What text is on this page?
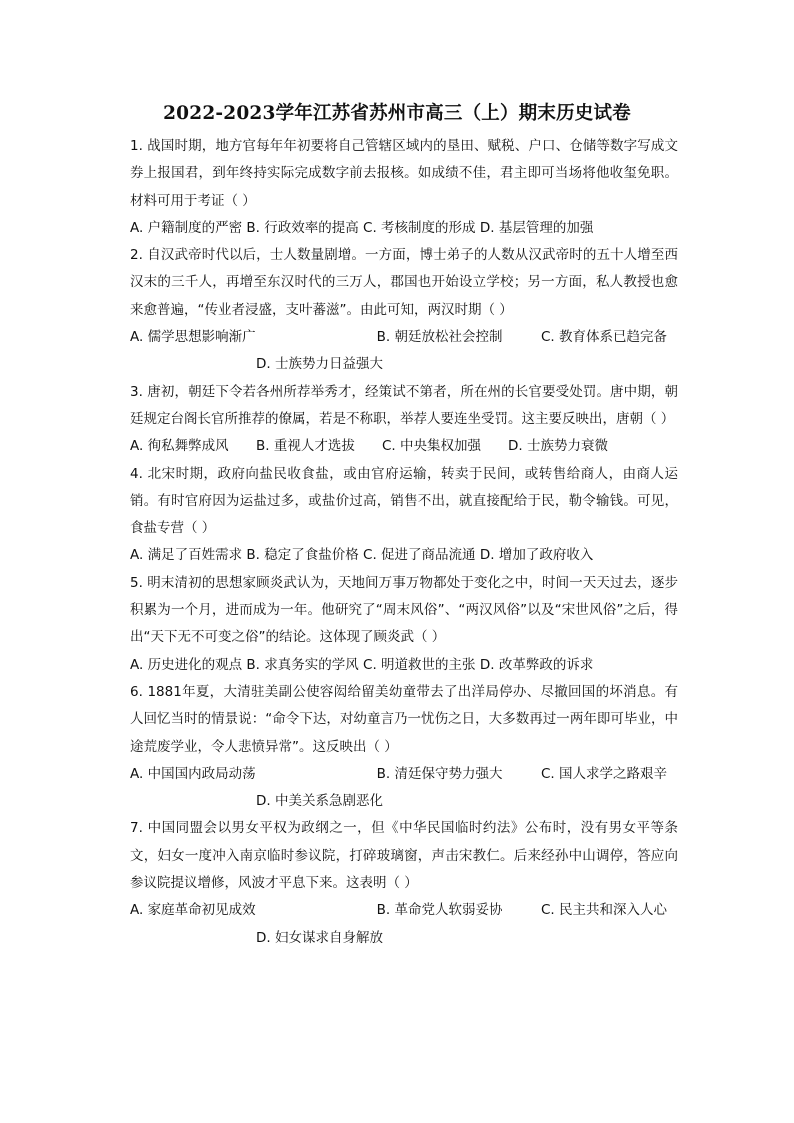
2022-2023学年江苏省苏州市高三（上）期末历史试卷

1. 战国时期，地方官每年年初要将自己管辖区域内的垦田、赋税、户口、仓储等数字写成文券上报国君，到年终持实际完成数字前去报核。如成绩不佳，君主即可当场将他收玺免职。材料可用于考证（ ）

A. 户籍制度的严密 B. 行政效率的提高 C. 考核制度的形成 D. 基层管理的加强

2. 自汉武帝时代以后，士人数量剧增。一方面，博士弟子的人数从汉武帝时的五十人增至西汉末的三千人，再增至东汉时代的三万人，郡国也开始设立学校；另一方面，私人教授也愈来愈普遍，“传业者浸盛，支叶蕃滋”。由此可知，两汉时期（ ）

A. 儒学思想影响渐广	B. 朝廷放松社会控制	C. 教育体系已趋完备

D. 士族势力日益强大

3. 唐初，朝廷下令若各州所荐举秀才，经策试不第者，所在州的长官要受处罚。唐中期，朝廷规定台阁长官所推荐的僚属，若是不称职，举荐人要连坐受罚。这主要反映出，唐朝（ ）

A. 徇私舞弊成风	B. 重视人才选拔	C. 中央集权加强	D. 士族势力衰微

4. 北宋时期，政府向盐民收食盐，或由官府运输，转卖于民间，或转售给商人，由商人运销。有时官府因为运盐过多，或盐价过高，销售不出，就直接配给于民，勒令输钱。可见，食盐专营（ ）

A. 满足了百姓需求 B. 稳定了食盐价格 C. 促进了商品流通 D. 增加了政府收入

5. 明末清初的思想家顾炎武认为，天地间万事万物都处于变化之中，时间一天天过去，逐步积累为一个月，进而成为一年。他研究了“周末风俗”、“两汉风俗”以及“宋世风俗”之后，得出“天下无不可变之俗”的结论。这体现了顾炎武（ ）

A. 历史进化的观点 B. 求真务实的学风 C. 明道救世的主张 D. 改革弊政的诉求

6. 1881年夏，大清驻美副公使容闳给留美幼童带去了出洋局停办、尽撤回国的坏消息。有人回忆当时的情景说：“命令下达，对幼童言乃一忧伤之日，大多数再过一两年即可毕业，中途荒废学业，令人悲愤异常”。这反映出（ ）

A. 中国国内政局动荡	B. 清廷保守势力强大	C. 国人求学之路艰辛

D. 中美关系急剧恶化

7. 中国同盟会以男女平权为政纲之一，但《中华民国临时约法》公布时，没有男女平等条文，妇女一度冲入南京临时参议院，打碎玻璃窗，声击宋教仁。后来经孙中山调停，答应向参议院提议增修，风波才平息下来。这表明（ ）

A. 家庭革命初见成效	B. 革命党人软弱妥协	C. 民主共和深入人心

D. 妇女谋求自身解放
